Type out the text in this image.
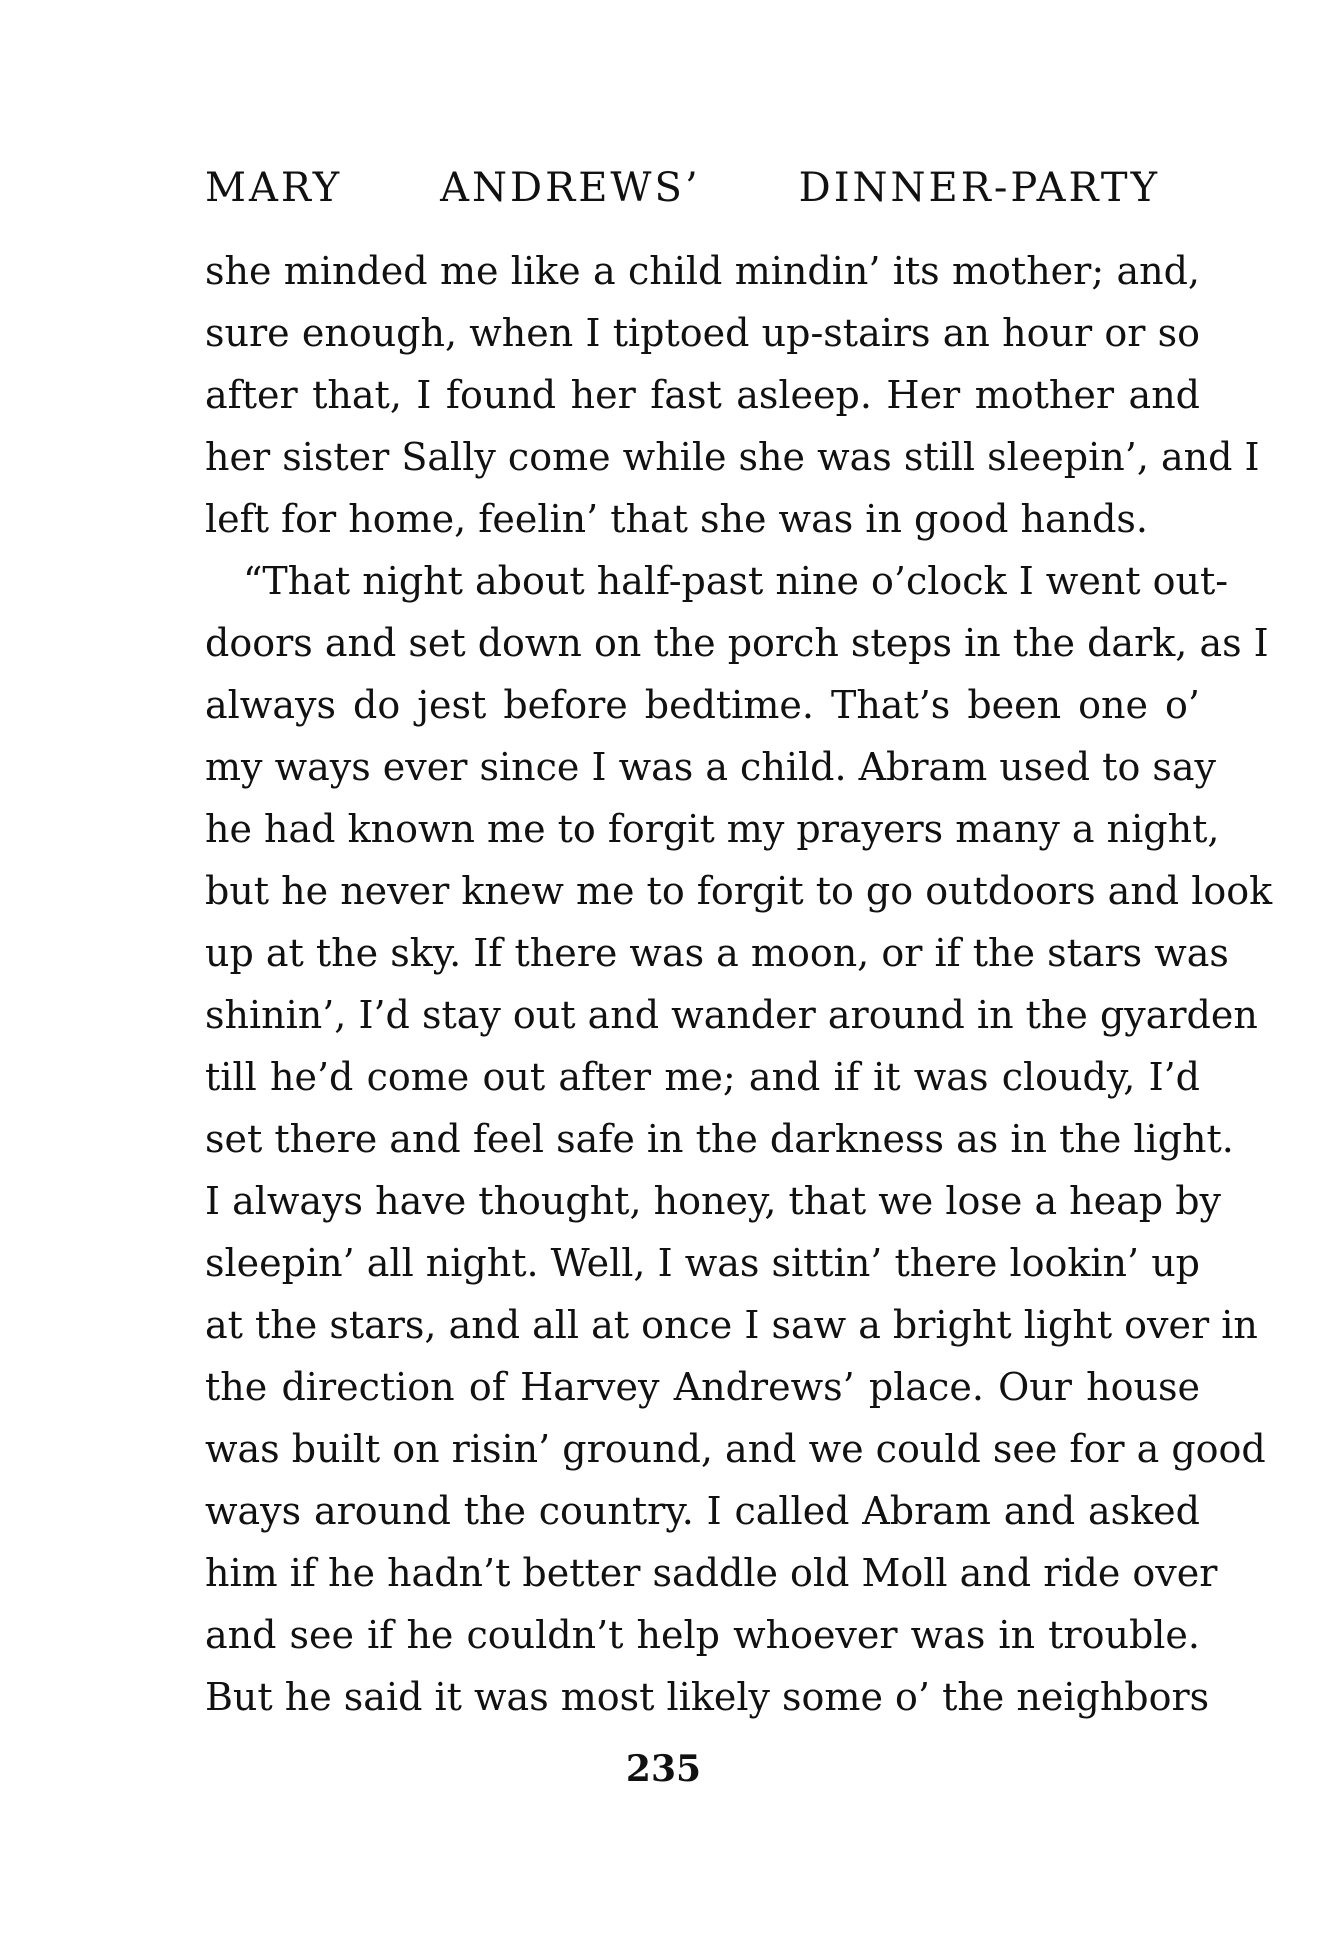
MARY ANDREWS’ DINNER-PARTY
she minded me like a child mindin’ its mother; and,
sure enough, when I tiptoed up-stairs an hour or so
after that, I found her fast asleep. Her mother and
her sister Sally come while she was still sleepin’, and I
left for home, feelin’ that she was in good hands.
“That night about half-past nine o’clock I went out-
doors and set down on the porch steps in the dark, as I
always do jest before bedtime. That’s been one o’
my ways ever since I was a child. Abram used to say
he had known me to forgit my prayers many a night,
but he never knew me to forgit to go outdoors and look
up at the sky. If there was a moon, or if the stars was
shinin’, I’d stay out and wander around in the gyarden
till he’d come out after me; and if it was cloudy, I’d
set there and feel safe in the darkness as in the light.
I always have thought, honey, that we lose a heap by
sleepin’ all night. Well, I was sittin’ there lookin’ up
at the stars, and all at once I saw a bright light over in
the direction of Harvey Andrews’ place. Our house
was built on risin’ ground, and we could see for a good
ways around the country. I called Abram and asked
him if he hadn’t better saddle old Moll and ride over
and see if he couldn’t help whoever was in trouble.
But he said it was most likely some o’ the neighbors
235
